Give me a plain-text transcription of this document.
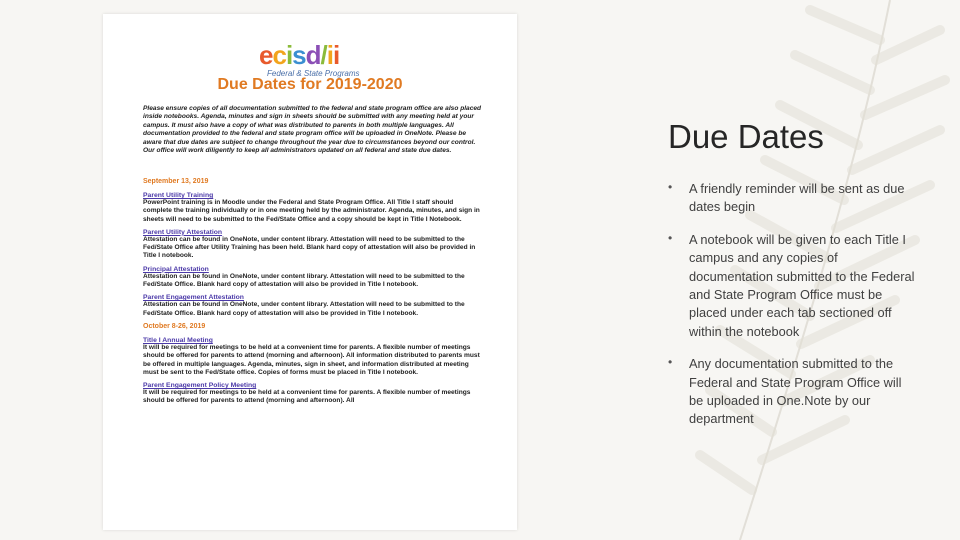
ecisd/ii
Federal & State Programs
Due Dates for 2019-2020
Please ensure copies of all documentation submitted to the federal and state program office are also placed inside notebooks. Agenda, minutes and sign in sheets should be submitted with any meeting held at your campus. It must also have a copy of what was distributed to parents in both multiple languages. All documentation provided to the federal and state program office will be uploaded in OneNote. Please be aware that due dates are subject to change throughout the year due to circumstances beyond our control. Our office will work diligently to keep all administrators updated on all federal and state due dates.
September 13, 2019
Parent Utility Training
PowerPoint training is in Moodle under the Federal and State Program Office. All Title I staff should complete the training individually or in one meeting held by the administrator. Agenda, minutes, and sign in sheets will need to be submitted to the Fed/State Office and a copy should be kept in Title I Notebook.
Parent Utility Attestation
Attestation can be found in OneNote, under content library. Attestation will need to be submitted to the Fed/State Office after Utility Training has been held. Blank hard copy of attestation will also be provided in Title I notebook.
Principal Attestation
Attestation can be found in OneNote, under content library. Attestation will need to be submitted to the Fed/State Office. Blank hard copy of attestation will also be provided in Title I notebook.
Parent Engagement Attestation
Attestation can be found in OneNote, under content library. Attestation will need to be submitted to the Fed/State Office. Blank hard copy of attestation will also be provided in Title I notebook.
October 8-26, 2019
Title I Annual Meeting
It will be required for meetings to be held at a convenient time for parents. A flexible number of meetings should be offered for parents to attend (morning and afternoon). All information distributed to parents must be offered in multiple languages. Agenda, minutes, sign in sheet, and information distributed at meeting must be sent to the Fed/State office. Copies of forms must be placed in Title I notebook.
Parent Engagement Policy Meeting
It will be required for meetings to be held at a convenient time for parents. A flexible number of meetings should be offered for parents to attend (morning and afternoon). All
Due Dates
• A friendly reminder will be sent as due dates begin
• A notebook will be given to each Title I campus and any copies of documentation submitted to the Federal and State Program Office must be placed under each tab sectioned off within the notebook
• Any documentation submitted to the Federal and State Program Office will be uploaded in One.Note by our department
